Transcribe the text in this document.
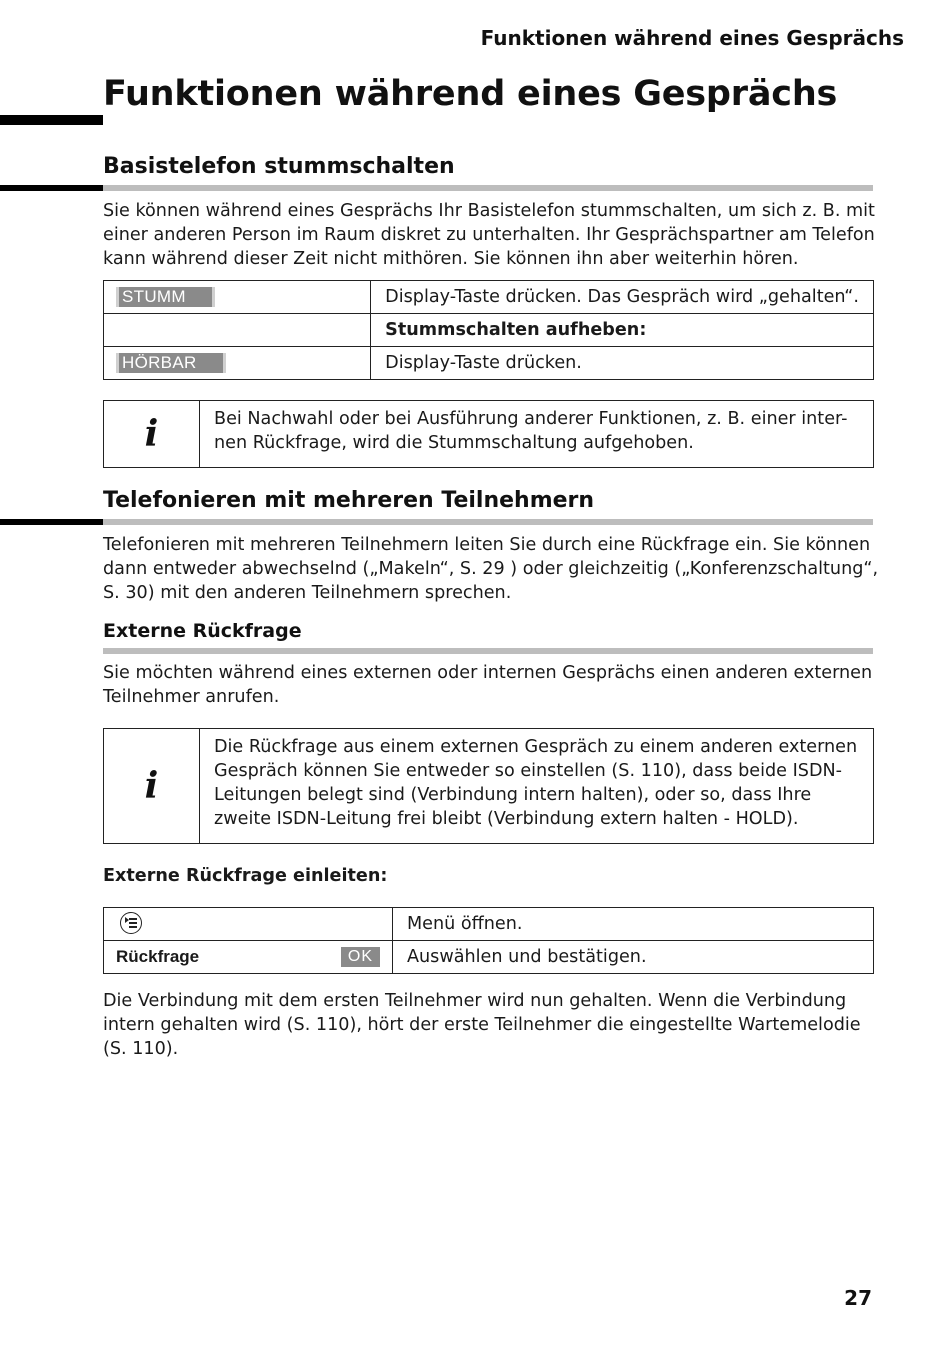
Funktionen während eines Gesprächs
Funktionen während eines Gesprächs
Basistelefon stummschalten
Sie können während eines Gesprächs Ihr Basistelefon stummschalten, um sich z. B. mit
einer anderen Person im Raum diskret zu unterhalten. Ihr Gesprächspartner am Telefon
kann während dieser Zeit nicht mithören. Sie können ihn aber weiterhin hören.
STUMM	Display-Taste drücken. Das Gespräch wird „gehalten“.
	Stummschalten aufheben:
HÖRBAR	Display-Taste drücken.
i	Bei Nachwahl oder bei Ausführung anderer Funktionen, z. B. einer inter-
nen Rückfrage, wird die Stummschaltung aufgehoben.
Telefonieren mit mehreren Teilnehmern
Telefonieren mit mehreren Teilnehmern leiten Sie durch eine Rückfrage ein. Sie können
dann entweder abwechselnd („Makeln“, S. 29 ) oder gleichzeitig („Konferenzschaltung“,
S. 30) mit den anderen Teilnehmern sprechen.
Externe Rückfrage
Sie möchten während eines externen oder internen Gesprächs einen anderen externen
Teilnehmer anrufen.
i
Die Rückfrage aus einem externen Gespräch zu einem anderen externen
Gespräch können Sie entweder so einstellen (S. 110), dass beide ISDN-
Leitungen belegt sind (Verbindung intern halten), oder so, dass Ihre
zweite ISDN-Leitung frei bleibt (Verbindung extern halten - HOLD).
Externe Rückfrage einleiten:
	Menü öffnen.
Rückfrage OK	Auswählen und bestätigen.
Die Verbindung mit dem ersten Teilnehmer wird nun gehalten. Wenn die Verbindung
intern gehalten wird (S. 110), hört der erste Teilnehmer die eingestellte Wartemelodie
(S. 110).
27
